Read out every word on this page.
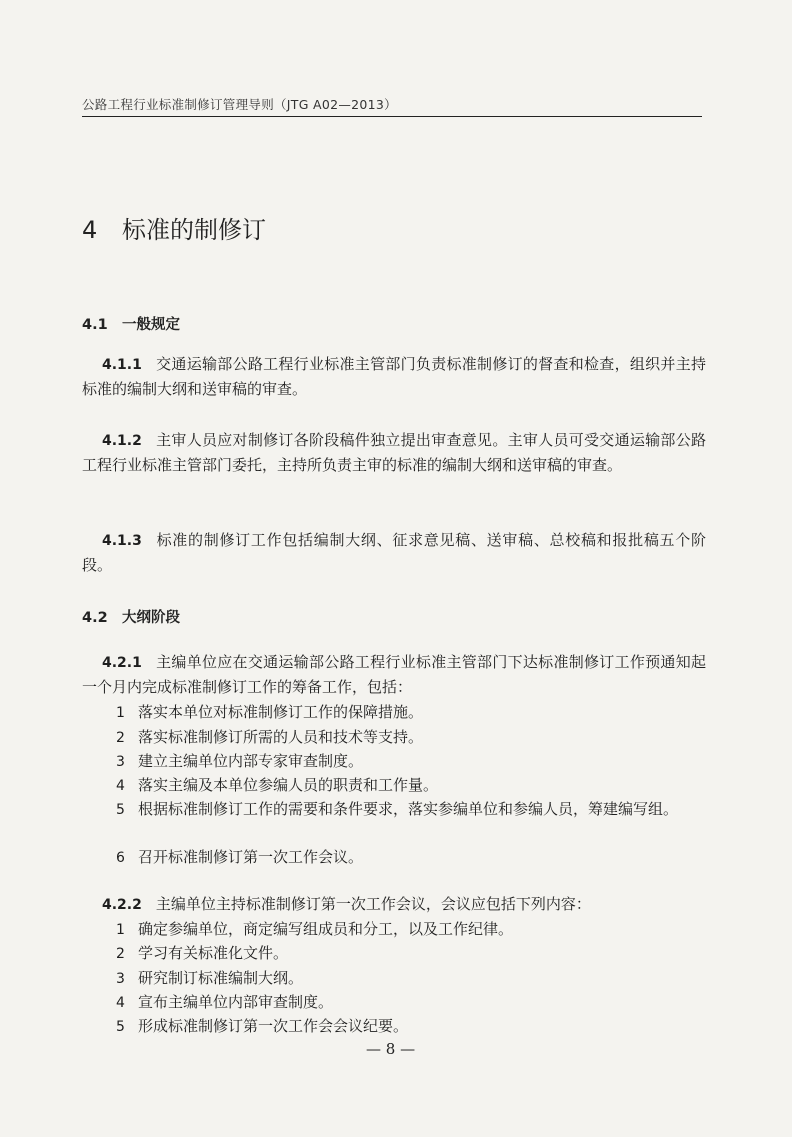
公路工程行业标准制修订管理导则（JTG A02—2013）
4 标准的制修订
4.1 一般规定

4.1.1 交通运输部公路工程行业标准主管部门负责标准制修订的督查和检查，组织并主持标准的编制大纲和送审稿的审查。

4.1.2 主审人员应对制修订各阶段稿件独立提出审查意见。主审人员可受交通运输部公路工程行业标准主管部门委托，主持所负责主审的标准的编制大纲和送审稿的审查。

4.1.3 标准的制修订工作包括编制大纲、征求意见稿、送审稿、总校稿和报批稿五个阶段。

4.2 大纲阶段

4.2.1 主编单位应在交通运输部公路工程行业标准主管部门下达标准制修订工作预通知起一个月内完成标准制修订工作的筹备工作，包括：

1 落实本单位对标准制修订工作的保障措施。

2 落实标准制修订所需的人员和技术等支持。

3 建立主编单位内部专家审查制度。

4 落实主编及本单位参编人员的职责和工作量。

5 根据标准制修订工作的需要和条件要求，落实参编单位和参编人员，筹建编写组。

6 召开标准制修订第一次工作会议。

4.2.2 主编单位主持标准制修订第一次工作会议，会议应包括下列内容：

1 确定参编单位，商定编写组成员和分工，以及工作纪律。

2 学习有关标准化文件。

3 研究制订标准编制大纲。

4 宣布主编单位内部审查制度。

5 形成标准制修订第一次工作会会议纪要。

— 8 —
